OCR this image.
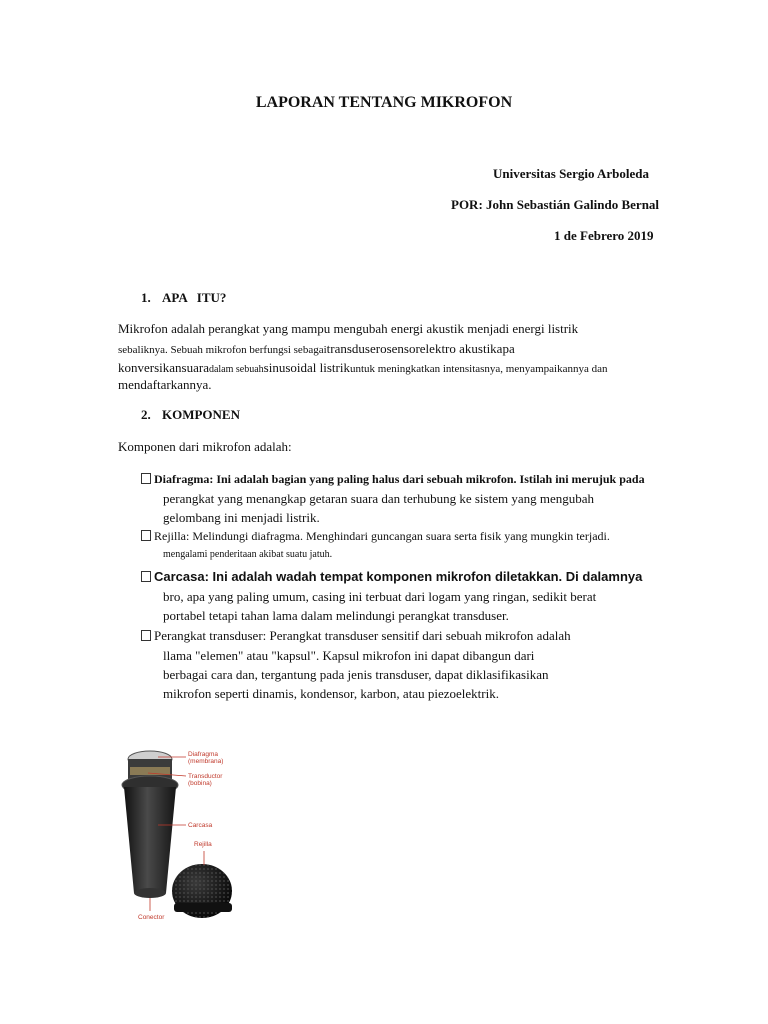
LAPORAN TENTANG MIKROFON
Universitas Sergio Arboleda
POR: John Sebastián Galindo Bernal
1 de Febrero 2019
1. APA   ITU?
Mikrofon adalah perangkat yang mampu mengubah energi akustik menjadi energi listrik
sebaliknya. Sebuah mikrofon berfungsi sebagaitransduserosensorelektro akustikapa
konversikansuaradalam sebuahsinusoidal listrikuntuk meningkatkan intensitasnya, menyampaikannya dan
mendaftarkannya.
2. KOMPONEN
Komponen dari mikrofon adalah:
Diafragma: Ini adalah bagian yang paling halus dari sebuah mikrofon. Istilah ini merujuk pada
perangkat yang menangkap getaran suara dan terhubung ke sistem yang mengubah
gelombang ini menjadi listrik.
Rejilla: Melindungi diafragma. Menghindari guncangan suara serta fisik yang mungkin terjadi.
mengalami penderitaan akibat suatu jatuh.
Carcasa: Ini adalah wadah tempat komponen mikrofon diletakkan. Di dalamnya
bro, apa yang paling umum, casing ini terbuat dari logam yang ringan, sedikit berat
portabel tetapi tahan lama dalam melindungi perangkat transduser.
Perangkat transduser: Perangkat transduser sensitif dari sebuah mikrofon adalah
llama "elemen" atau "kapsul". Kapsul mikrofon ini dapat dibangun dari
berbagai cara dan, tergantung pada jenis transduser, dapat diklasifikasikan
mikrofon seperti dinamis, kondensor, karbon, atau piezoelektrik.
Diafragma
(membrana)
Transductor
(bobina)
Carcasa
Rejilla
Conector
